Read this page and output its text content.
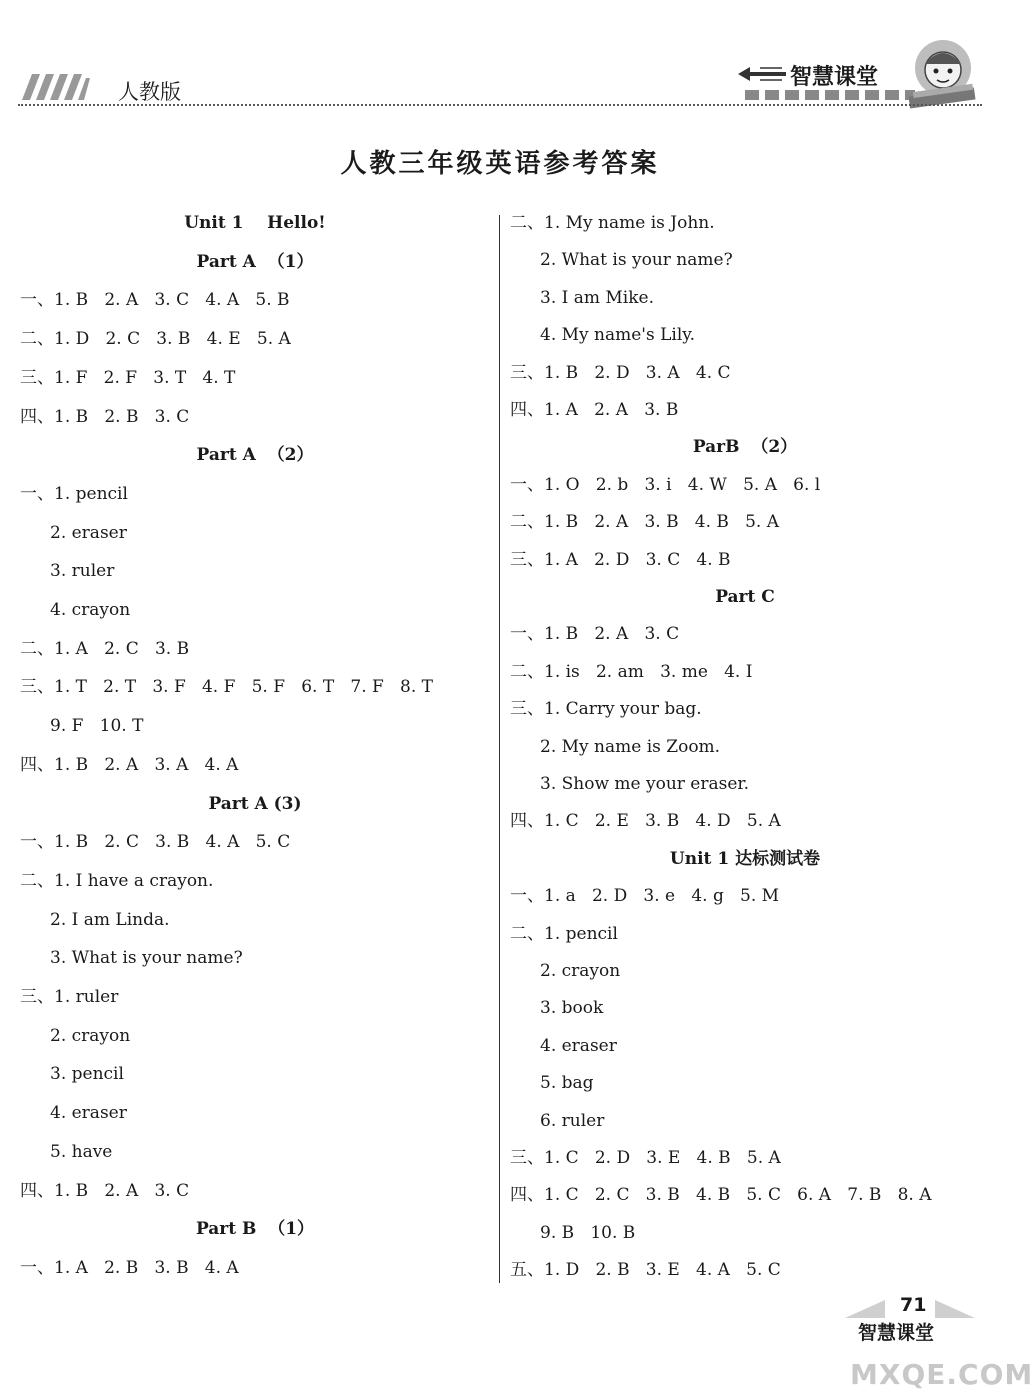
人教版
智慧课堂
人教三年级英语参考答案
Unit 1    Hello!
Part A  （1）
一、1. B   2. A   3. C   4. A   5. B
二、1. D   2. C   3. B   4. E   5. A
三、1. F   2. F   3. T   4. T
四、1. B   2. B   3. C
Part A  （2）
一、1. pencil
2. eraser
3. ruler
4. crayon
二、1. A   2. C   3. B
三、1. T   2. T   3. F   4. F   5. F   6. T   7. F   8. T
9. F   10. T
四、1. B   2. A   3. A   4. A
Part A (3)
一、1. B   2. C   3. B   4. A   5. C
二、1. I have a crayon.
2. I am Linda.
3. What is your name?
三、1. ruler
2. crayon
3. pencil
4. eraser
5. have
四、1. B   2. A   3. C
Part B  （1）
一、1. A   2. B   3. B   4. A
二、1. My name is John.
2. What is your name?
3. I am Mike.
4. My name's Lily.
三、1. B   2. D   3. A   4. C
四、1. A   2. A   3. B
ParB  （2）
一、1. O   2. b   3. i   4. W   5. A   6. l
二、1. B   2. A   3. B   4. B   5. A
三、1. A   2. D   3. C   4. B
Part C
一、1. B   2. A   3. C
二、1. is   2. am   3. me   4. I
三、1. Carry your bag.
2. My name is Zoom.
3. Show me your eraser.
四、1. C   2. E   3. B   4. D   5. A
Unit 1 达标测试卷
一、1. a   2. D   3. e   4. g   5. M
二、1. pencil
2. crayon
3. book
4. eraser
5. bag
6. ruler
三、1. C   2. D   3. E   4. B   5. A
四、1. C   2. C   3. B   4. B   5. C   6. A   7. B   8. A
9. B   10. B
五、1. D   2. B   3. E   4. A   5. C
71
智慧课堂
MXQE.COM
